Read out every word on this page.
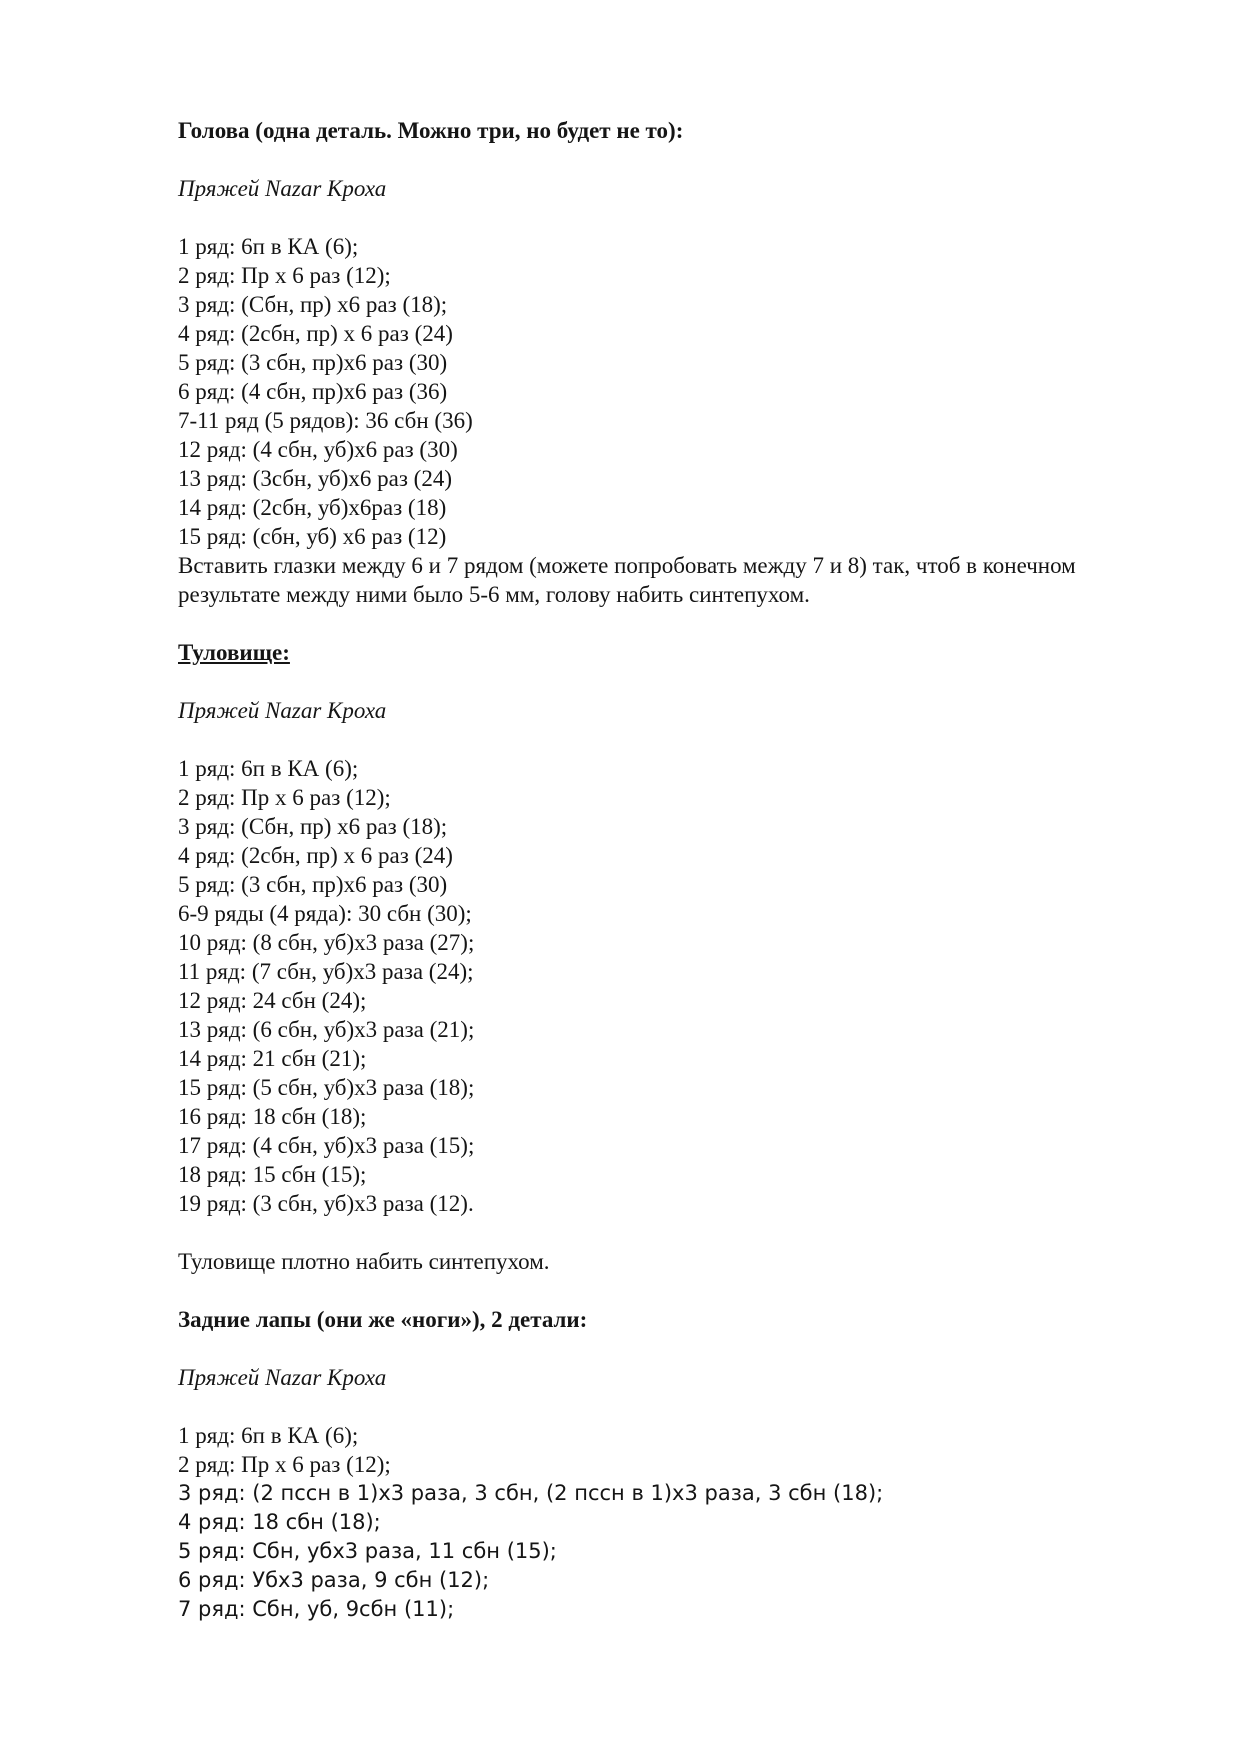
Голова (одна деталь. Можно три, но будет не то):

Пряжей Nazar Кроха

1 ряд: 6п в КА (6);
2 ряд: Пр х 6 раз (12);
3 ряд: (Сбн, пр) х6 раз (18);
4 ряд: (2сбн, пр) х 6 раз (24)
5 ряд: (3 сбн, пр)х6 раз (30)
6 ряд: (4 сбн, пр)х6 раз (36)
7-11 ряд (5 рядов): 36 сбн (36)
12 ряд: (4 сбн, уб)х6 раз (30)
13 ряд: (3сбн, уб)х6 раз (24)
14 ряд: (2сбн, уб)х6раз (18)
15 ряд: (сбн, уб) х6 раз (12)

Вставить глазки между 6 и 7 рядом (можете попробовать между 7 и 8) так, чтоб в конечном результате между ними было 5-6 мм, голову набить синтепухом.

Туловище:

Пряжей Nazar Кроха

1 ряд: 6п в КА (6);
2 ряд: Пр х 6 раз (12);
3 ряд: (Сбн, пр) х6 раз (18);
4 ряд: (2сбн, пр) х 6 раз (24)
5 ряд: (3 сбн, пр)х6 раз (30)
6-9 ряды (4 ряда): 30 сбн (30);
10 ряд: (8 сбн, уб)х3 раза (27);
11 ряд: (7 сбн, уб)х3 раза (24);
12 ряд: 24 сбн (24);
13 ряд: (6 сбн, уб)х3 раза (21);
14 ряд: 21 сбн (21);
15 ряд: (5 сбн, уб)х3 раза (18);
16 ряд: 18 сбн (18);
17 ряд: (4 сбн, уб)х3 раза (15);
18 ряд: 15 сбн (15);
19 ряд: (3 сбн, уб)х3 раза (12).

Туловище плотно набить синтепухом.

Задние лапы (они же «ноги»), 2 детали:

Пряжей Nazar Кроха

1 ряд: 6п в КА (6);
2 ряд: Пр х 6 раз (12);
3 ряд: (2 пссн в 1)х3 раза, 3 сбн, (2 пссн в 1)х3 раза, 3 сбн (18);
4 ряд: 18 сбн (18);
5 ряд: Сбн, убх3 раза, 11 сбн (15);
6 ряд: Убх3 раза, 9 сбн (12);
7 ряд: Сбн, уб, 9сбн (11);
